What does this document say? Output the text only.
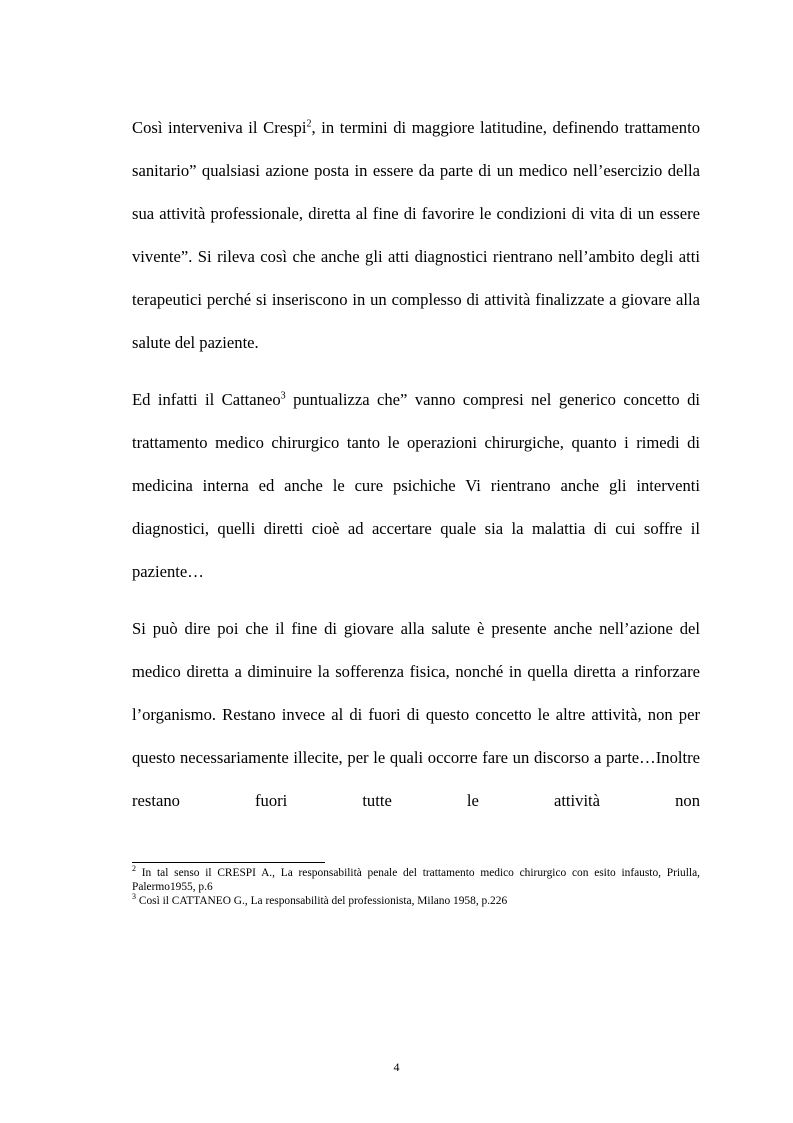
Così interveniva il Crespi$^2$, in termini di maggiore latitudine, definendo trattamento sanitario” qualsiasi azione posta in essere da parte di un medico nell’esercizio della sua attività professionale, diretta al fine di favorire le condizioni di vita di un essere vivente”. Si rileva così che anche gli atti diagnostici rientrano nell’ambito degli atti terapeutici perché si inseriscono in un complesso di attività finalizzate a giovare alla salute del paziente.

Ed infatti il Cattaneo$^3$ puntualizza che” vanno compresi nel generico concetto di trattamento medico chirurgico tanto le operazioni chirurgiche, quanto i rimedi di medicina interna ed anche le cure psichiche Vi rientrano anche gli interventi diagnostici, quelli diretti cioè ad accertare quale sia la malattia di cui soffre il paziente…

Si può dire poi che il fine di giovare alla salute è presente anche nell’azione del medico diretta a diminuire la sofferenza fisica, nonché in quella diretta a rinforzare l’organismo. Restano invece al di fuori di questo concetto le altre attività, non per questo necessariamente illecite, per le quali occorre fare un discorso a parte…Inoltre restano fuori tutte le attività non

$^2$ In tal senso il CRESPI A., La responsabilità penale del trattamento medico chirurgico con esito infausto, Priulla, Palermo1955, p.6

$^3$ Così il CATTANEO G., La responsabilità del professionista, Milano 1958, p.226

4
